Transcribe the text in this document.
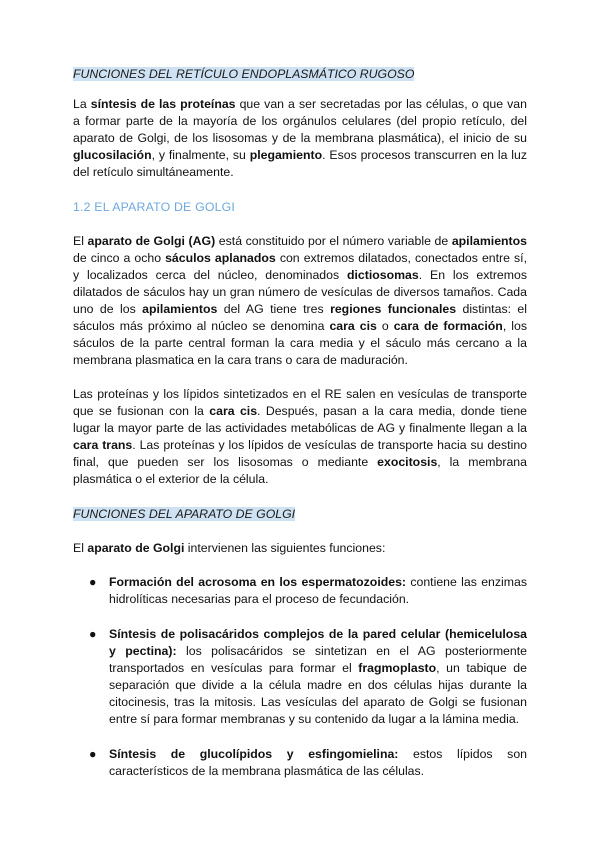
FUNCIONES DEL RETÍCULO ENDOPLASMÁTICO RUGOSO

La síntesis de las proteínas que van a ser secretadas por las células, o que van a formar parte de la mayoría de los orgánulos celulares (del propio retículo, del aparato de Golgi, de los lisosomas y de la membrana plasmática), el inicio de su glucosilación, y finalmente, su plegamiento. Esos procesos transcurren en la luz del retículo simultáneamente.

1.2 EL APARATO DE GOLGI

El aparato de Golgi (AG) está constituido por el número variable de apilamientos de cinco a ocho sáculos aplanados con extremos dilatados, conectados entre sí, y localizados cerca del núcleo, denominados dictiosomas. En los extremos dilatados de sáculos hay un gran número de vesículas de diversos tamaños. Cada uno de los apilamientos del AG tiene tres regiones funcionales distintas: el sáculos más próximo al núcleo se denomina cara cis o cara de formación, los sáculos de la parte central forman la cara media y el sáculo más cercano a la membrana plasmatica en la cara trans o cara de maduración.

Las proteínas y los lípidos sintetizados en el RE salen en vesículas de transporte que se fusionan con la cara cis. Después, pasan a la cara media, donde tiene lugar la mayor parte de las actividades metabólicas de AG y finalmente llegan a la cara trans. Las proteínas y los lípidos de vesículas de transporte hacia su destino final, que pueden ser los lisosomas o mediante exocitosis, la membrana plasmática o el exterior de la célula.

FUNCIONES DEL APARATO DE GOLGI

El aparato de Golgi intervienen las siguientes funciones:

● Formación del acrosoma en los espermatozoides: contiene las enzimas hidrolíticas necesarias para el proceso de fecundación.
● Síntesis de polisacáridos complejos de la pared celular (hemicelulosa y pectina): los polisacáridos se sintetizan en el AG posteriormente transportados en vesículas para formar el fragmoplasto, un tabique de separación que divide a la célula madre en dos células hijas durante la citocinesis, tras la mitosis. Las vesículas del aparato de Golgi se fusionan entre sí para formar membranas y su contenido da lugar a la lámina media.
● Síntesis de glucolípidos y esfingomielina: estos lípidos son característicos de la membrana plasmática de las células.
